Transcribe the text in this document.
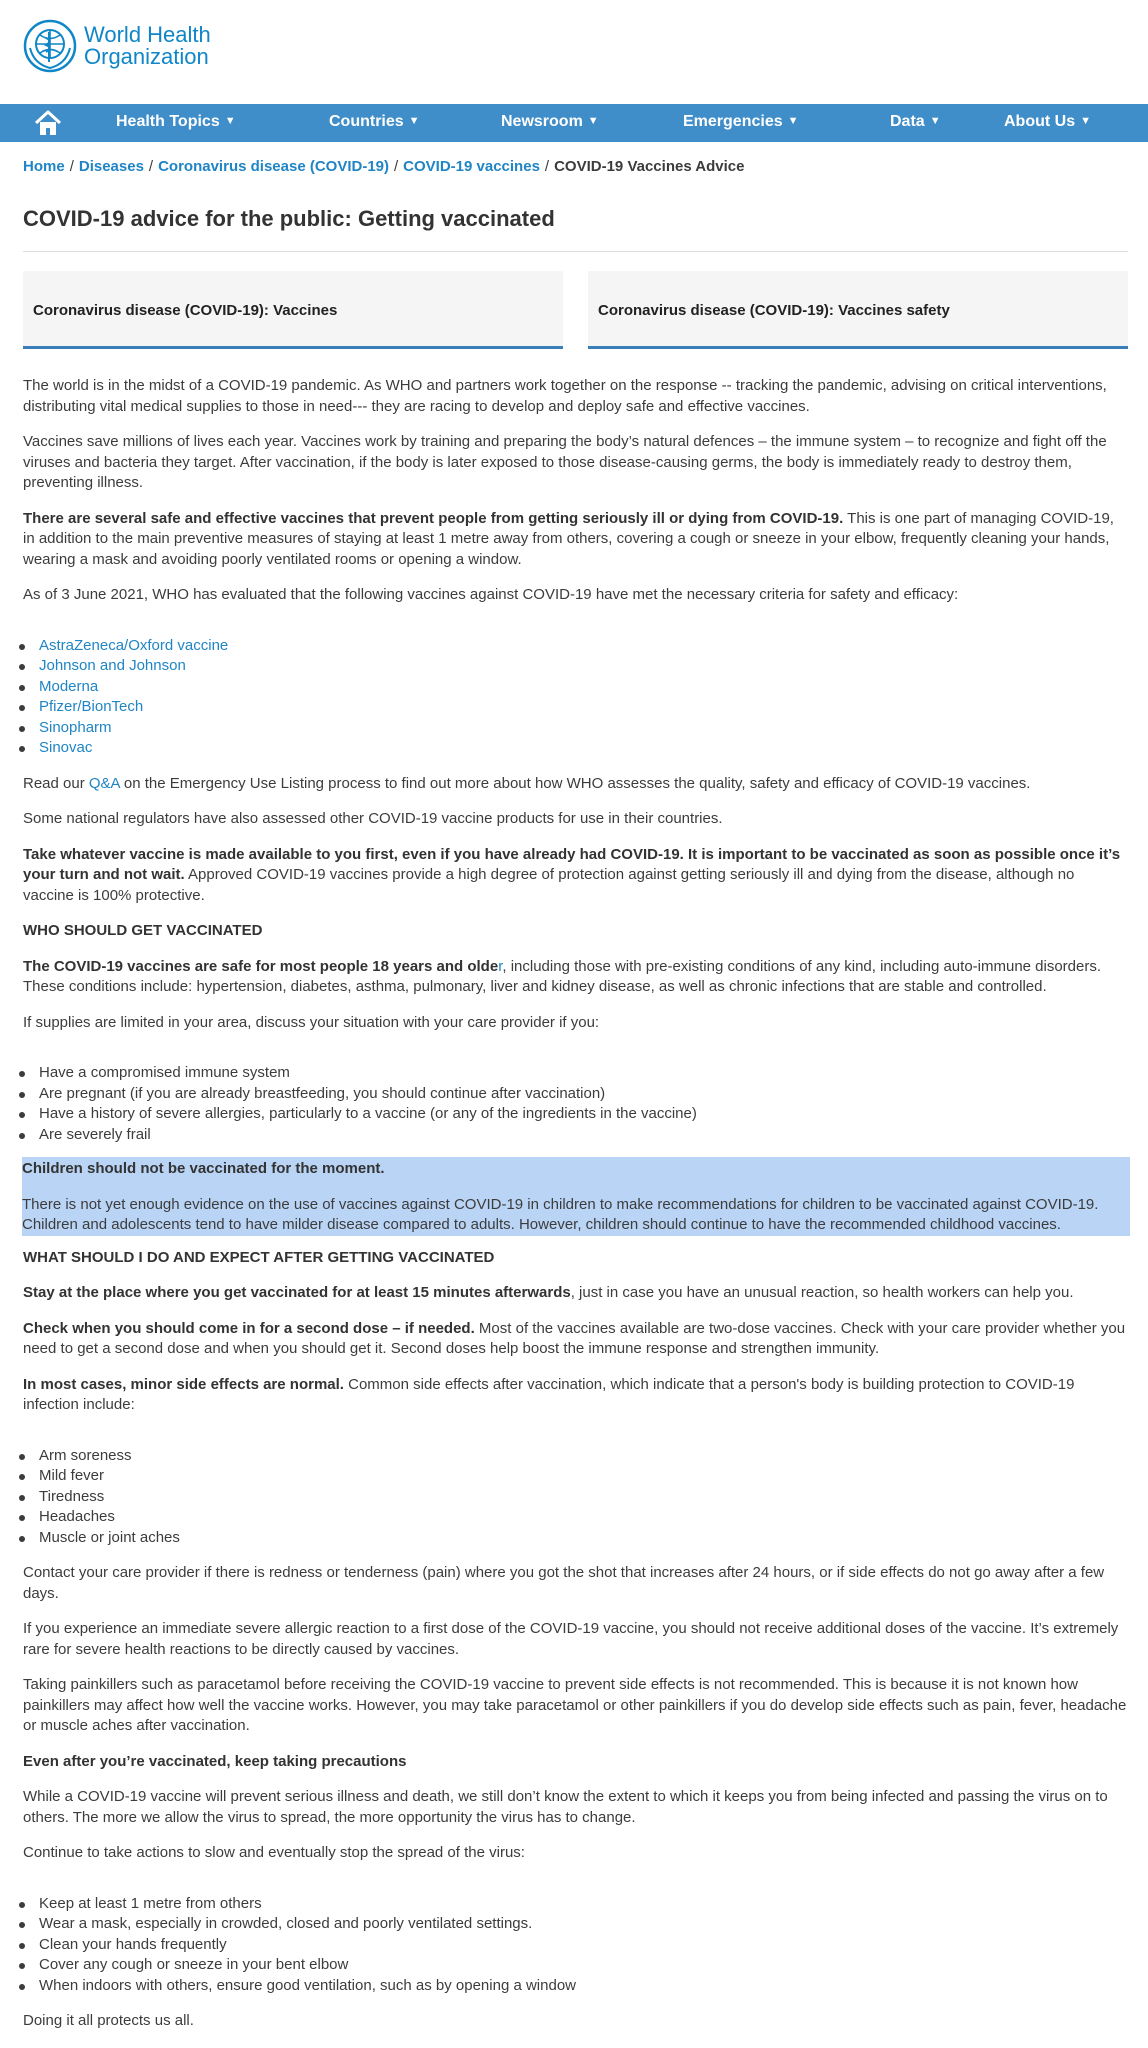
World Health
Organization
Health Topics ▼	Countries ▼	Newsroom ▼	Emergencies ▼	Data ▼	About Us ▼
Home / Diseases / Coronavirus disease (COVID-19) / COVID-19 vaccines / COVID-19 Vaccines Advice
COVID-19 advice for the public: Getting vaccinated
Coronavirus disease (COVID-19): Vaccines	Coronavirus disease (COVID-19): Vaccines safety

The world is in the midst of a COVID-19 pandemic. As WHO and partners work together on the response -- tracking the pandemic, advising on critical interventions, distributing vital medical supplies to those in need--- they are racing to develop and deploy safe and effective vaccines.

Vaccines save millions of lives each year. Vaccines work by training and preparing the body’s natural defences – the immune system – to recognize and fight off the viruses and bacteria they target. After vaccination, if the body is later exposed to those disease-causing germs, the body is immediately ready to destroy them, preventing illness.

There are several safe and effective vaccines that prevent people from getting seriously ill or dying from COVID-19. This is one part of managing COVID-19, in addition to the main preventive measures of staying at least 1 metre away from others, covering a cough or sneeze in your elbow, frequently cleaning your hands, wearing a mask and avoiding poorly ventilated rooms or opening a window.

As of 3 June 2021, WHO has evaluated that the following vaccines against COVID-19 have met the necessary criteria for safety and efficacy:

AstraZeneca/Oxford vaccine
Johnson and Johnson
Moderna
Pfizer/BionTech
Sinopharm
Sinovac

Read our Q&A on the Emergency Use Listing process to find out more about how WHO assesses the quality, safety and efficacy of COVID-19 vaccines.

Some national regulators have also assessed other COVID-19 vaccine products for use in their countries.

Take whatever vaccine is made available to you first, even if you have already had COVID-19. It is important to be vaccinated as soon as possible once it’s your turn and not wait. Approved COVID-19 vaccines provide a high degree of protection against getting seriously ill and dying from the disease, although no vaccine is 100% protective.

WHO SHOULD GET VACCINATED

The COVID-19 vaccines are safe for most people 18 years and older, including those with pre-existing conditions of any kind, including auto-immune disorders. These conditions include: hypertension, diabetes, asthma, pulmonary, liver and kidney disease, as well as chronic infections that are stable and controlled.

If supplies are limited in your area, discuss your situation with your care provider if you:

Have a compromised immune system
Are pregnant (if you are already breastfeeding, you should continue after vaccination)
Have a history of severe allergies, particularly to a vaccine (or any of the ingredients in the vaccine)
Are severely frail

Children should not be vaccinated for the moment.

There is not yet enough evidence on the use of vaccines against COVID-19 in children to make recommendations for children to be vaccinated against COVID-19. Children and adolescents tend to have milder disease compared to adults. However, children should continue to have the recommended childhood vaccines.

WHAT SHOULD I DO AND EXPECT AFTER GETTING VACCINATED

Stay at the place where you get vaccinated for at least 15 minutes afterwards, just in case you have an unusual reaction, so health workers can help you.

Check when you should come in for a second dose – if needed. Most of the vaccines available are two-dose vaccines. Check with your care provider whether you need to get a second dose and when you should get it. Second doses help boost the immune response and strengthen immunity.

In most cases, minor side effects are normal. Common side effects after vaccination, which indicate that a person's body is building protection to COVID-19 infection include:

Arm soreness
Mild fever
Tiredness
Headaches
Muscle or joint aches

Contact your care provider if there is redness or tenderness (pain) where you got the shot that increases after 24 hours, or if side effects do not go away after a few days.

If you experience an immediate severe allergic reaction to a first dose of the COVID-19 vaccine, you should not receive additional doses of the vaccine. It’s extremely rare for severe health reactions to be directly caused by vaccines.

Taking painkillers such as paracetamol before receiving the COVID-19 vaccine to prevent side effects is not recommended. This is because it is not known how painkillers may affect how well the vaccine works. However, you may take paracetamol or other painkillers if you do develop side effects such as pain, fever, headache or muscle aches after vaccination.

Even after you’re vaccinated, keep taking precautions

While a COVID-19 vaccine will prevent serious illness and death, we still don’t know the extent to which it keeps you from being infected and passing the virus on to others. The more we allow the virus to spread, the more opportunity the virus has to change.

Continue to take actions to slow and eventually stop the spread of the virus:

Keep at least 1 metre from others
Wear a mask, especially in crowded, closed and poorly ventilated settings.
Clean your hands frequently
Cover any cough or sneeze in your bent elbow
When indoors with others, ensure good ventilation, such as by opening a window

Doing it all protects us all.
